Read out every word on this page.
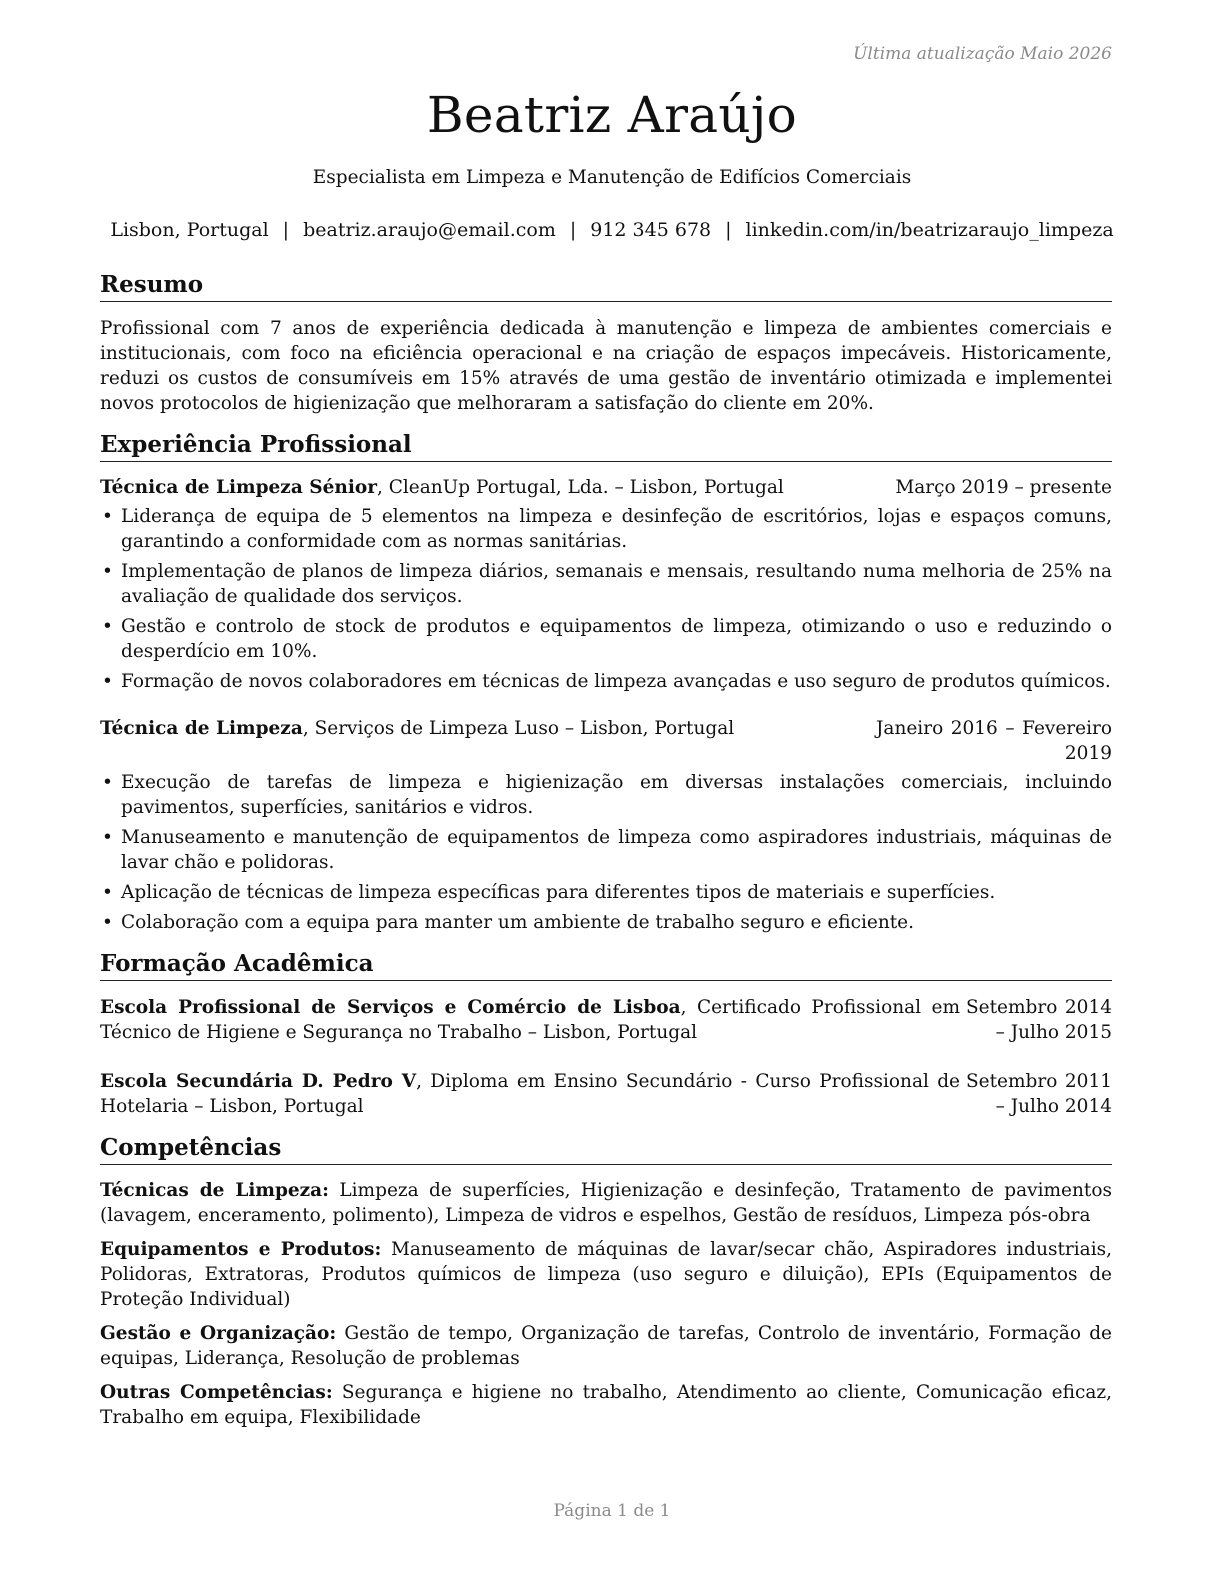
Última atualização Maio 2026
Beatriz Araújo
Especialista em Limpeza e Manutenção de Edifícios Comerciais
Lisbon, Portugal | beatriz.araujo@email.com | 912 345 678 | linkedin.com/in/beatrizaraujo_limpeza
Resumo

Profissional com 7 anos de experiência dedicada à manutenção e limpeza de ambientes comerciais e institucionais, com foco na eficiência operacional e na criação de espaços impecáveis. Historicamente, reduzi os custos de consumíveis em 15% através de uma gestão de inventário otimizada e implementei novos protocolos de higienização que melhoraram a satisfação do cliente em 20%.

Experiência Profissional
Técnica de Limpeza Sénior, CleanUp Portugal, Lda. – Lisbon, Portugal	Março 2019 – presente
• Liderança de equipa de 5 elementos na limpeza e desinfeção de escritórios, lojas e espaços comuns, garantindo a conformidade com as normas sanitárias.
• Implementação de planos de limpeza diários, semanais e mensais, resultando numa melhoria de 25% na avaliação de qualidade dos serviços.
• Gestão e controlo de stock de produtos e equipamentos de limpeza, otimizando o uso e reduzindo o desperdício em 10%.
• Formação de novos colaboradores em técnicas de limpeza avançadas e uso seguro de produtos químicos.
Técnica de Limpeza, Serviços de Limpeza Luso – Lisbon, Portugal	Janeiro 2016 – Fevereiro 2019
• Execução de tarefas de limpeza e higienização em diversas instalações comerciais, incluindo pavimentos, superfícies, sanitários e vidros.
• Manuseamento e manutenção de equipamentos de limpeza como aspiradores industriais, máquinas de lavar chão e polidoras.
• Aplicação de técnicas de limpeza específicas para diferentes tipos de materiais e superfícies.
• Colaboração com a equipa para manter um ambiente de trabalho seguro e eficiente.
Formação Acadêmica
Escola Profissional de Serviços e Comércio de Lisboa, Certificado Profissional em Técnico de Higiene e Segurança no Trabalho – Lisbon, Portugal
Setembro 2014 – Julho 2015
Escola Secundária D. Pedro V, Diploma em Ensino Secundário - Curso Profissional de Hotelaria – Lisbon, Portugal
Setembro 2011 – Julho 2014
Competências
Técnicas de Limpeza: Limpeza de superfícies, Higienização e desinfeção, Tratamento de pavimentos (lavagem, enceramento, polimento), Limpeza de vidros e espelhos, Gestão de resíduos, Limpeza pós-obra
Equipamentos e Produtos: Manuseamento de máquinas de lavar/secar chão, Aspiradores industriais, Polidoras, Extratoras, Produtos químicos de limpeza (uso seguro e diluição), EPIs (Equipamentos de Proteção Individual)
Gestão e Organização: Gestão de tempo, Organização de tarefas, Controlo de inventário, Formação de equipas, Liderança, Resolução de problemas
Outras Competências: Segurança e higiene no trabalho, Atendimento ao cliente, Comunicação eficaz, Trabalho em equipa, Flexibilidade
Página 1 de 1
